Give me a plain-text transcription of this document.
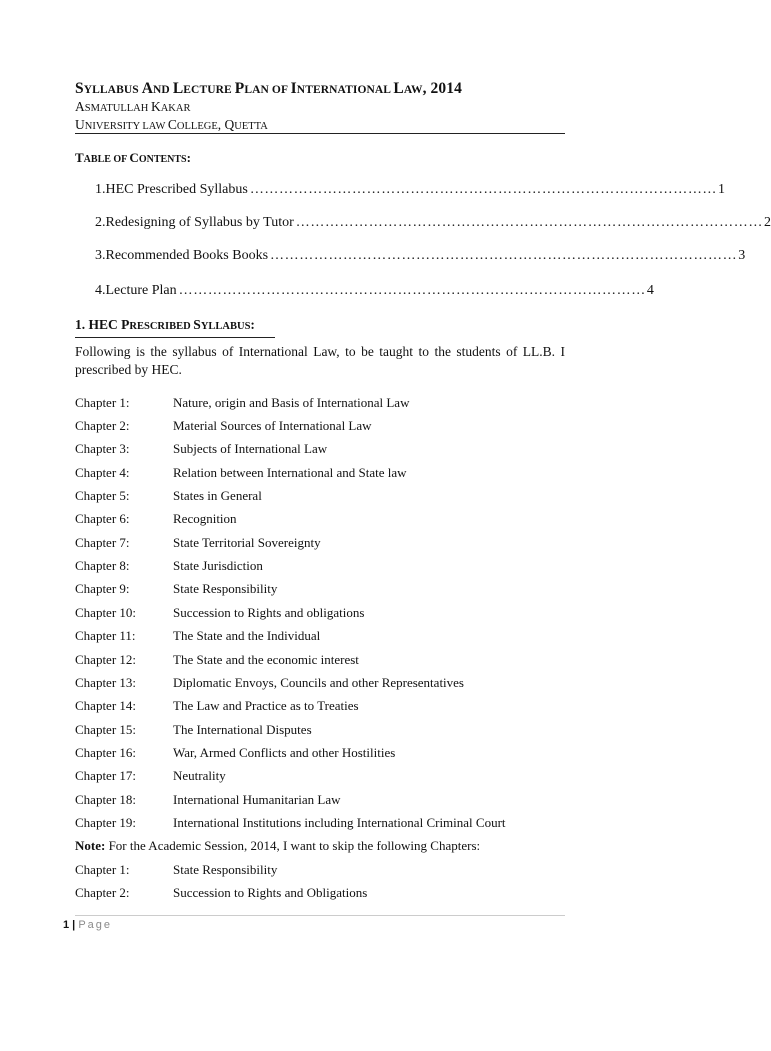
SYLLABUS AND LECTURE PLAN OF INTERNATIONAL LAW, 2014
ASMATULLAH KAKAR
UNIVERSITY LAW COLLEGE, QUETTA
TABLE OF CONTENTS:
1. HEC Prescribed Syllabus …………………………………………………………………………………… 1
2. Redesigning of Syllabus by Tutor …………………………………………………………………………………… 2
3. Recommended Books Books …………………………………………………………………………………… 3
4. Lecture Plan …………………………………………………………………………………… 4
1. HEC PRESCRIBED SYLLABUS:
Following is the syllabus of International Law, to be taught to the students of LL.B. I prescribed by HEC.
Chapter 1:	Nature, origin and Basis of International Law
Chapter 2:	Material Sources of International Law
Chapter 3:	Subjects of International Law
Chapter 4:	Relation between International and State law
Chapter 5:	States in General
Chapter 6:	Recognition
Chapter 7:	State Territorial Sovereignty
Chapter 8:	State Jurisdiction
Chapter 9:	State Responsibility
Chapter 10:	Succession to Rights and obligations
Chapter 11:	The State and the Individual
Chapter 12:	The State and the economic interest
Chapter 13:	Diplomatic Envoys, Councils and other Representatives
Chapter 14:	The Law and Practice as to Treaties
Chapter 15:	The International Disputes
Chapter 16:	War, Armed Conflicts and other Hostilities
Chapter 17:	Neutrality
Chapter 18:	International Humanitarian Law
Chapter 19:	International Institutions including International Criminal Court
Note: For the Academic Session, 2014, I want to skip the following Chapters:
Chapter 1:	State Responsibility
Chapter 2:	Succession to Rights and Obligations
1 | Page
